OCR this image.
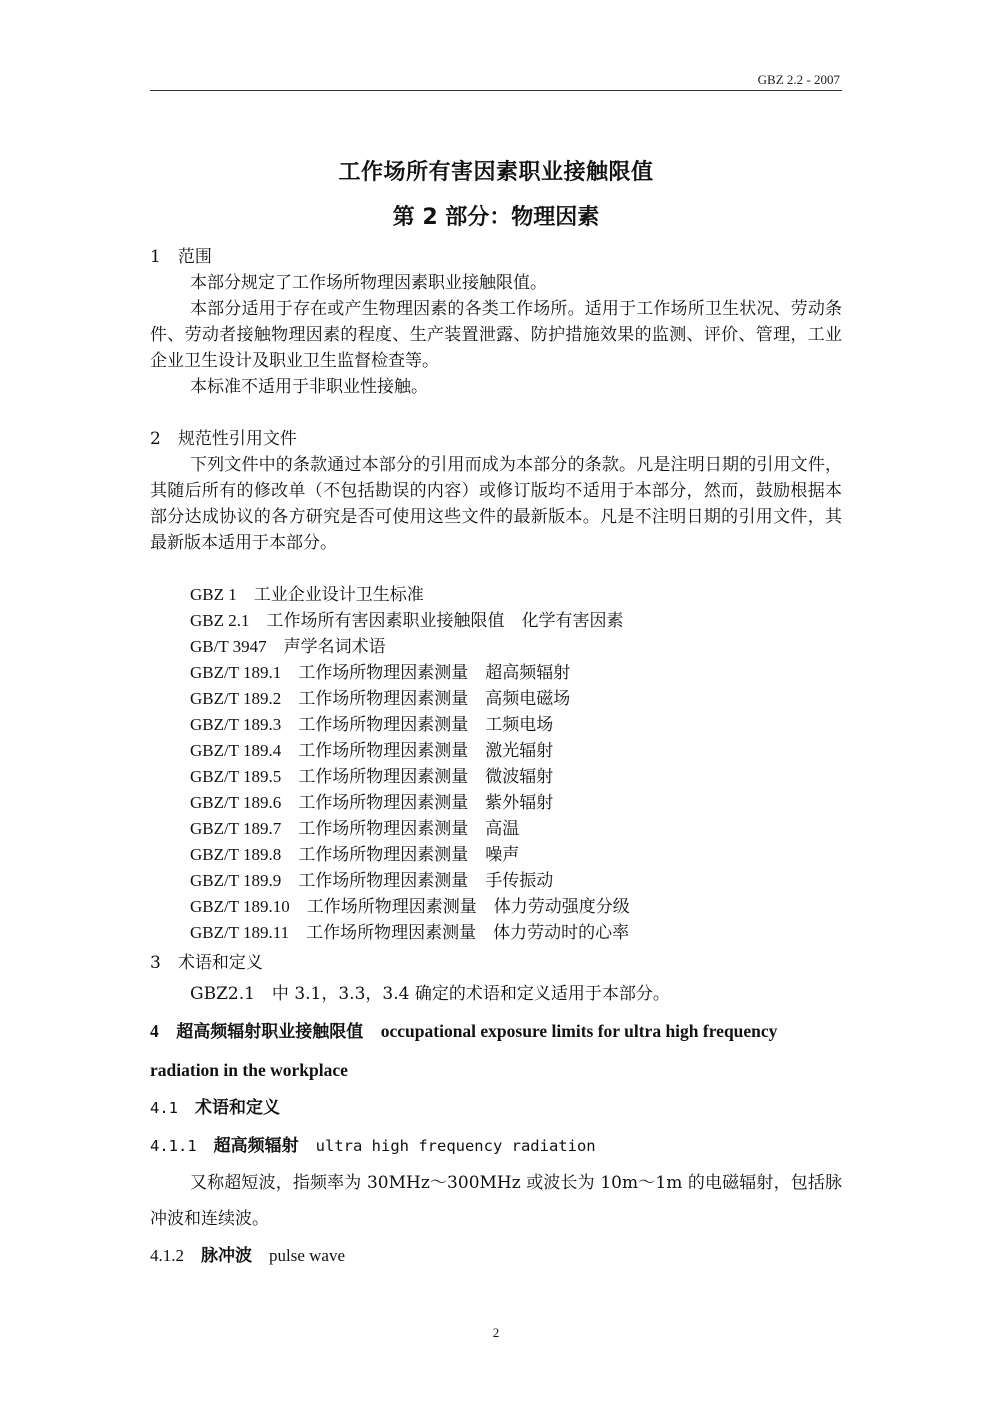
GBZ 2.2 - 2007
工作场所有害因素职业接触限值
第 2 部分：物理因素

1　范围

本部分规定了工作场所物理因素职业接触限值。

本部分适用于存在或产生物理因素的各类工作场所。适用于工作场所卫生状况、劳动条件、劳动者接触物理因素的程度、生产装置泄露、防护措施效果的监测、评价、管理，工业企业卫生设计及职业卫生监督检查等。

本标准不适用于非职业性接触。

2　规范性引用文件

下列文件中的条款通过本部分的引用而成为本部分的条款。凡是注明日期的引用文件，其随后所有的修改单（不包括勘误的内容）或修订版均不适用于本部分，然而，鼓励根据本部分达成协议的各方研究是否可使用这些文件的最新版本。凡是不注明日期的引用文件，其最新版本适用于本部分。

GBZ 1　 工业企业设计卫生标准

GBZ 2.1　 工作场所有害因素职业接触限值　化学有害因素

GB/T 3947　 声学名词术语

GBZ/T 189.1　 工作场所物理因素测量　超高频辐射

GBZ/T 189.2　 工作场所物理因素测量　高频电磁场

GBZ/T 189.3　 工作场所物理因素测量　工频电场

GBZ/T 189.4　 工作场所物理因素测量　激光辐射

GBZ/T 189.5　 工作场所物理因素测量　微波辐射

GBZ/T 189.6　 工作场所物理因素测量　紫外辐射

GBZ/T 189.7　 工作场所物理因素测量　高温

GBZ/T 189.8　 工作场所物理因素测量　噪声

GBZ/T 189.9　 工作场所物理因素测量　手传振动

GBZ/T 189.10　 工作场所物理因素测量　体力劳动强度分级

GBZ/T 189.11　 工作场所物理因素测量　体力劳动时的心率

3　术语和定义

GBZ2.1　中 3.1，3.3，3.4 确定的术语和定义适用于本部分。

4　 超高频辐射职业接触限值　 occupational exposure limits for ultra high frequency radiation in the workplace

4.1　 术语和定义

4.1.1　 超高频辐射　 ultra high frequency radiation

又称超短波，指频率为 30MHz～300MHz 或波长为 10m～1m 的电磁辐射，包括脉冲波和连续波。

4.1.2　 脉冲波　 pulse wave

2
